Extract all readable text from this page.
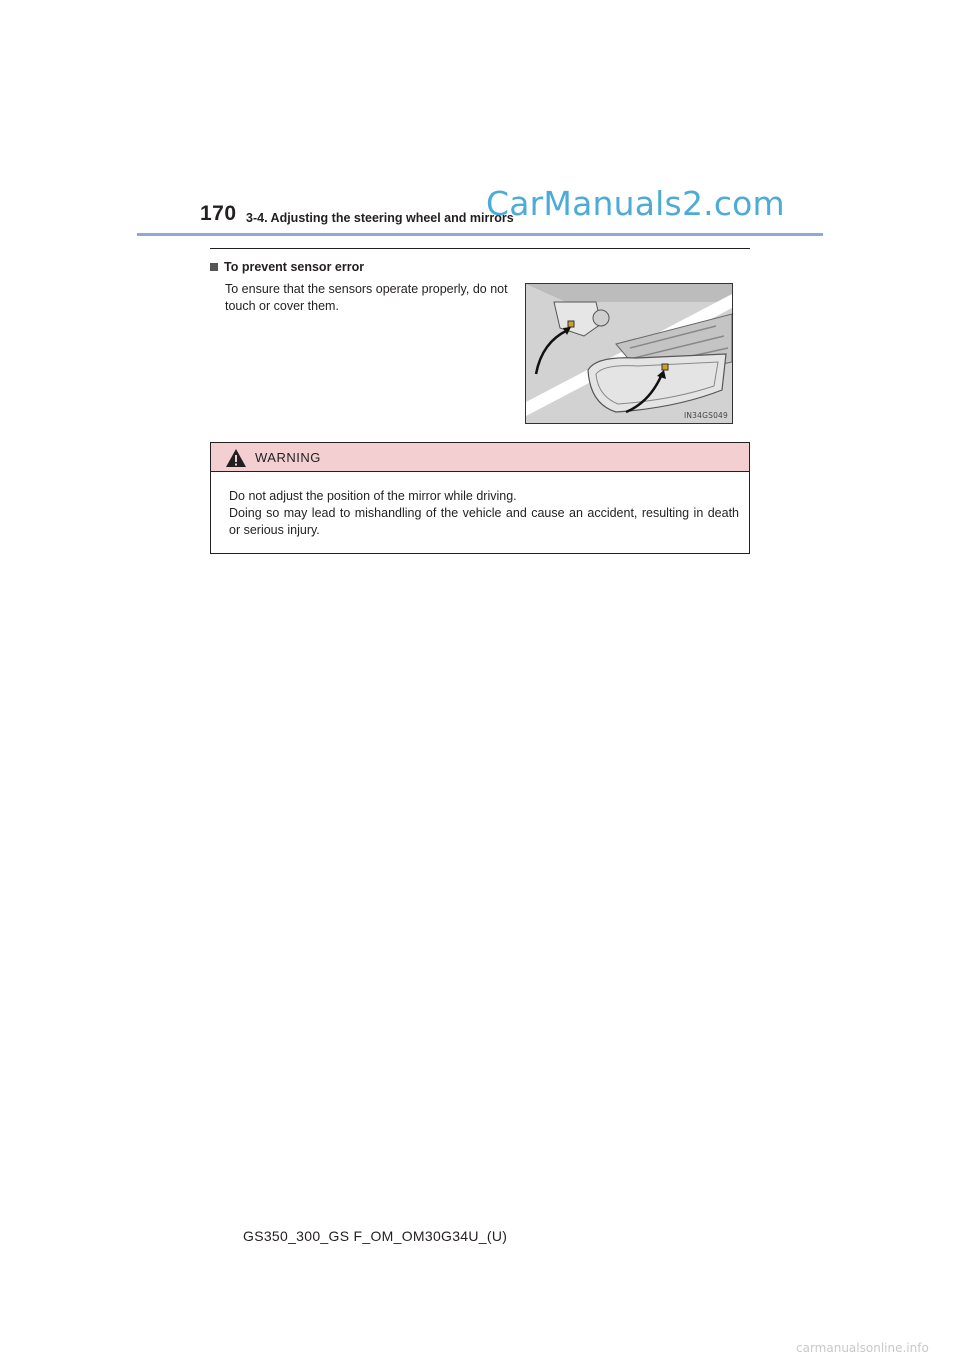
170 3-4. Adjusting the steering wheel and mirrors
CarManuals2.com
To prevent sensor error
To ensure that the sensors operate properly, do not touch or cover them.
IN34GS049
WARNING

Do not adjust the position of the mirror while driving.

Doing so may lead to mishandling of the vehicle and cause an accident, resulting in death or serious injury.

GS350_300_GS F_OM_OM30G34U_(U)
carmanualsonline.info
